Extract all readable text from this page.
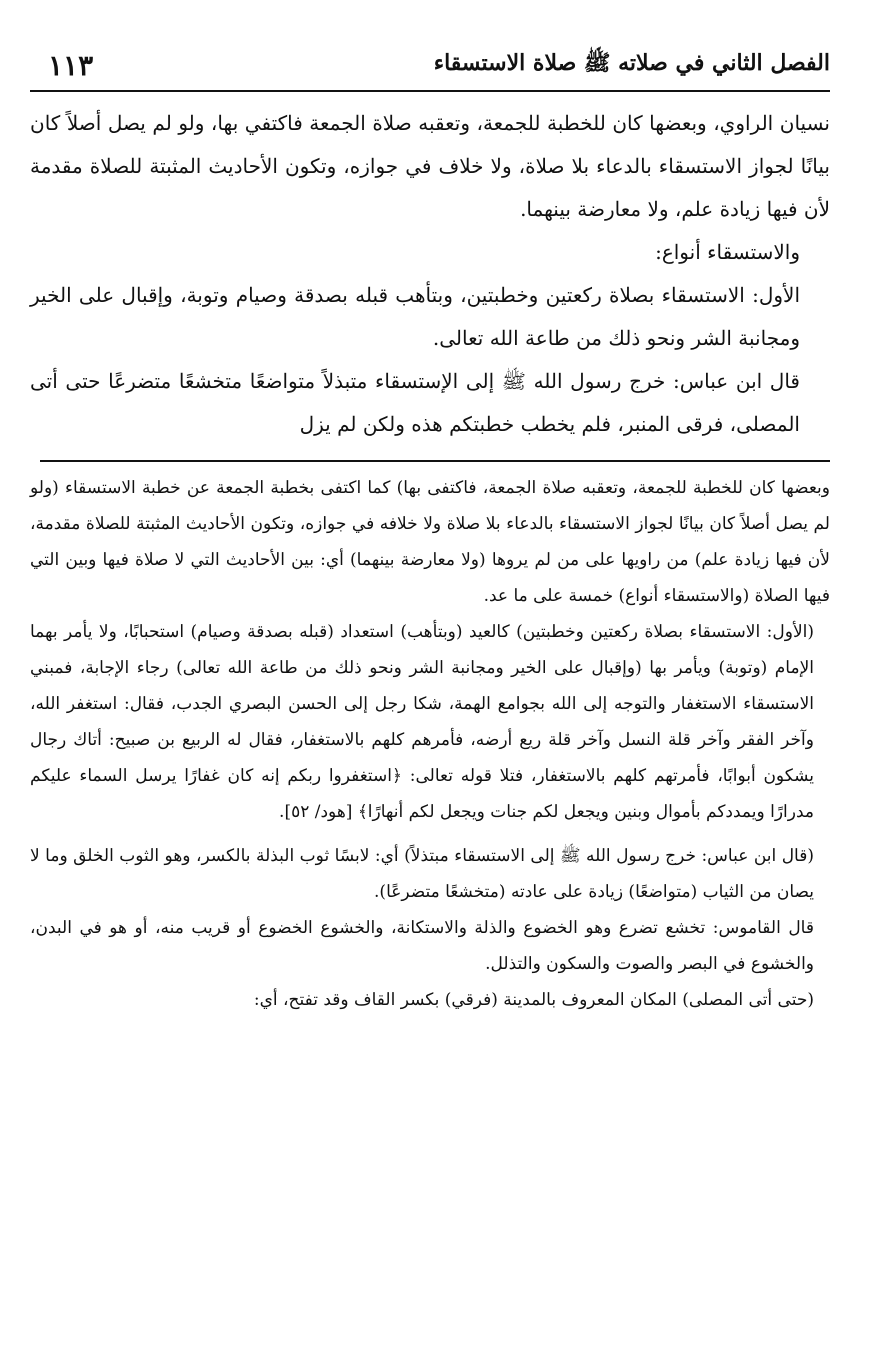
الفصل الثاني في صلاته ﷺ صلاة الاستسقاء
١١٣

نسيان الراوي، وبعضها كان للخطبة للجمعة، وتعقبه صلاة الجمعة فاكتفي بها، ولو لم يصل أصلاً كان بيانًا لجواز الاستسقاء بالدعاء بلا صلاة، ولا خلاف في جوازه، وتكون الأحاديث المثبتة للصلاة مقدمة لأن فيها زيادة علم، ولا معارضة بينهما.

والاستسقاء أنواع:

الأول: الاستسقاء بصلاة ركعتين وخطبتين، وبتأهب قبله بصدقة وصيام وتوبة، وإقبال على الخير ومجانبة الشر ونحو ذلك من طاعة الله تعالى.

قال ابن عباس: خرج رسول الله ﷺ إلى الإستسقاء متبذلاً متواضعًا متخشعًا متضرعًا حتى أتى المصلى، فرقى المنبر، فلم يخطب خطبتكم هذه ولكن لم يزل

وبعضها كان للخطبة للجمعة، وتعقبه صلاة الجمعة، فاكتفى بها) كما اكتفى بخطبة الجمعة عن خطبة الاستسقاء (ولو لم يصل أصلاً كان بيانًا لجواز الاستسقاء بالدعاء بلا صلاة ولا خلافه في جوازه، وتكون الأحاديث المثبتة للصلاة مقدمة، لأن فيها زيادة علم) من راويها على من لم يروها (ولا معارضة بينهما) أي: بين الأحاديث التي لا صلاة فيها وبين التي فيها الصلاة (والاستسقاء أنواع) خمسة على ما عد.

(الأول: الاستسقاء بصلاة ركعتين وخطبتين) كالعيد (وبتأهب) استعداد (قبله بصدقة وصيام) استحبابًا، ولا يأمر بهما الإمام (وتوبة) ويأمر بها (وإقبال على الخير ومجانبة الشر ونحو ذلك من طاعة الله تعالى) رجاء الإجابة، فمبني الاستسقاء الاستغفار والتوجه إلى الله بجوامع الهمة، شكا رجل إلى الحسن البصري الجدب، فقال: استغفر الله، وآخر الفقر وآخر قلة النسل وآخر قلة ريع أرضه، فأمرهم كلهم بالاستغفار، فقال له الربيع بن صبيح: أتاك رجال يشكون أبوابًا، فأمرتهم كلهم بالاستغفار، فتلا قوله تعالى: ﴿استغفروا ربكم إنه كان غفارًا يرسل السماء عليكم مدرارًا ويمددكم بأموال وبنين ويجعل لكم جنات ويجعل لكم أنهارًا﴾ [هود/ ٥٢].

(قال ابن عباس: خرج رسول الله ﷺ إلى الاستسقاء مبتذلاً) أي: لابسًا ثوب البذلة بالكسر، وهو الثوب الخلق وما لا يصان من الثياب (متواضعًا) زيادة على عادته (متخشعًا متضرعًا).

قال القاموس: تخشع تضرع وهو الخضوع والذلة والاستكانة، والخشوع الخضوع أو قريب منه، أو هو في البدن، والخشوع في البصر والصوت والسكون والتذلل.

(حتى أتى المصلى) المكان المعروف بالمدينة (فرقي) بكسر القاف وقد تفتح، أي:
